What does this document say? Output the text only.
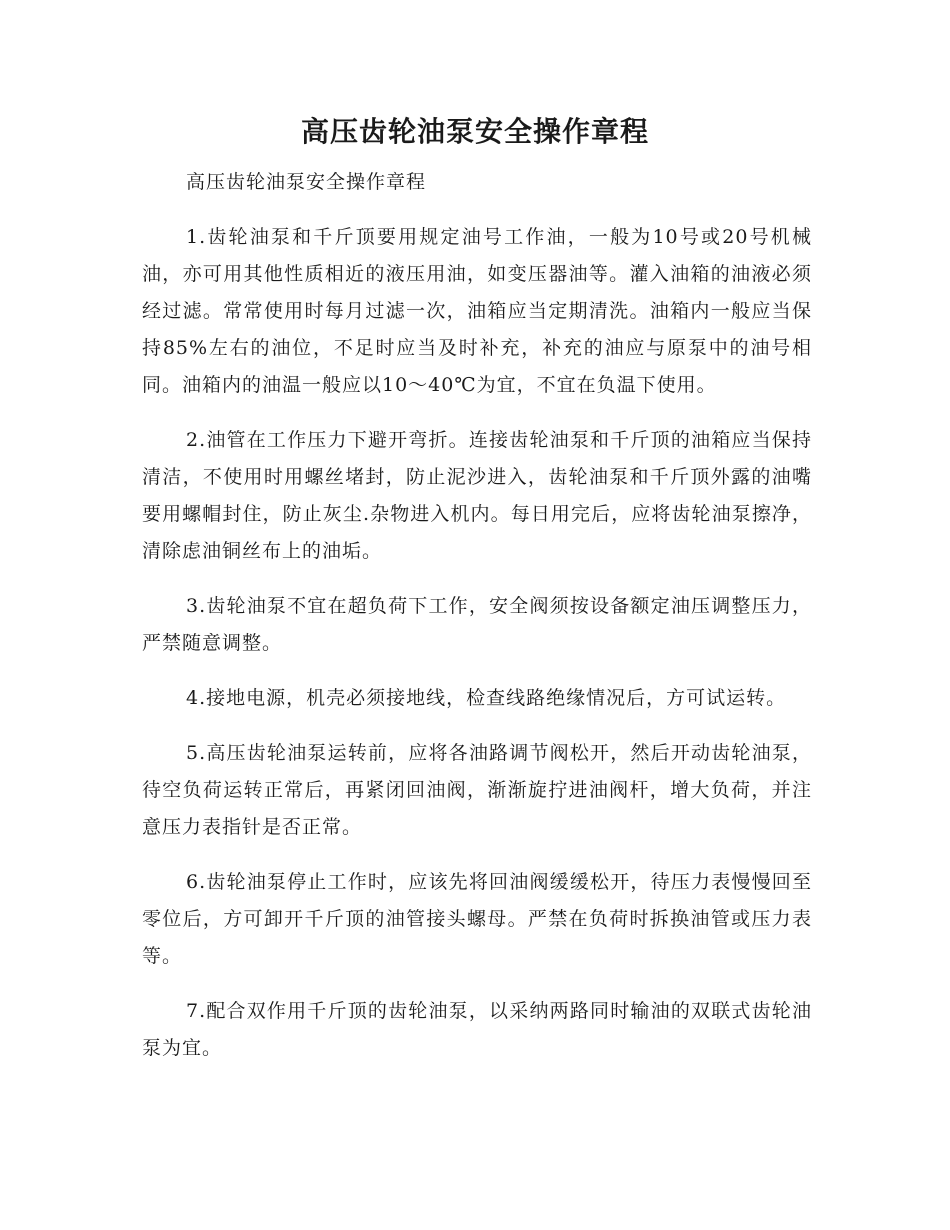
高压齿轮油泵安全操作章程

高压齿轮油泵安全操作章程

1.齿轮油泵和千斤顶要用规定油号工作油，一般为10号或20号机械油，亦可用其他性质相近的液压用油，如变压器油等。灌入油箱的油液必须经过滤。常常使用时每月过滤一次，油箱应当定期清洗。油箱内一般应当保持85%左右的油位，不足时应当及时补充，补充的油应与原泵中的油号相同。油箱内的油温一般应以10～40℃为宜，不宜在负温下使用。

2.油管在工作压力下避开弯折。连接齿轮油泵和千斤顶的油箱应当保持清洁，不使用时用螺丝堵封，防止泥沙进入，齿轮油泵和千斤顶外露的油嘴要用螺帽封住，防止灰尘.杂物进入机内。每日用完后，应将齿轮油泵擦净，清除虑油铜丝布上的油垢。

3.齿轮油泵不宜在超负荷下工作，安全阀须按设备额定油压调整压力，严禁随意调整。

4.接地电源，机壳必须接地线，检查线路绝缘情况后，方可试运转。

5.高压齿轮油泵运转前，应将各油路调节阀松开，然后开动齿轮油泵，待空负荷运转正常后，再紧闭回油阀，渐渐旋拧进油阀杆，增大负荷，并注意压力表指针是否正常。

6.齿轮油泵停止工作时，应该先将回油阀缓缓松开，待压力表慢慢回至零位后，方可卸开千斤顶的油管接头螺母。严禁在负荷时拆换油管或压力表等。

7.配合双作用千斤顶的齿轮油泵，以采纳两路同时输油的双联式齿轮油泵为宜。
